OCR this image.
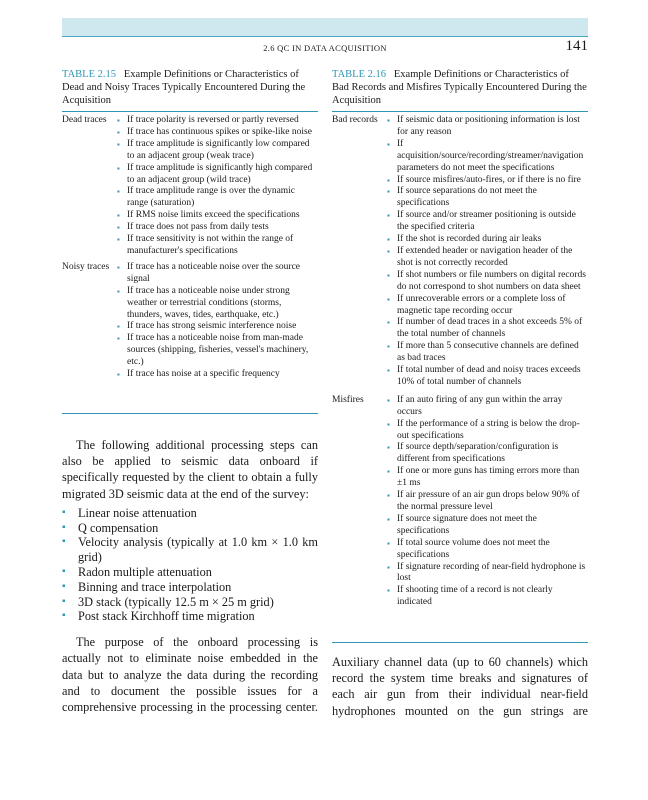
2.6 QC IN DATA ACQUISITION	141
TABLE 2.15 Example Definitions or Characteristics of Dead and Noisy Traces Typically Encountered During the Acquisition
Dead traces	▪ If trace polarity is reversed or partly reversed
▪ If trace has continuous spikes or spike-like noise
▪ If trace amplitude is significantly low compared to an adjacent group (weak trace)
▪ If trace amplitude is significantly high compared to an adjacent group (wild trace)
▪ If trace amplitude range is over the dynamic range (saturation)
▪ If RMS noise limits exceed the specifications
▪ If trace does not pass from daily tests
▪ If trace sensitivity is not within the range of manufacturer's specifications
Noisy traces	▪ If trace has a noticeable noise over the source signal
▪ If trace has a noticeable noise under strong weather or terrestrial conditions (storms, thunders, waves, tides, earthquake, etc.)
▪ If trace has strong seismic interference noise
▪ If trace has a noticeable noise from man-made sources (shipping, fisheries, vessel's machinery, etc.)
▪ If trace has noise at a specific frequency

The following additional processing steps can also be applied to seismic data onboard if specifically requested by the client to obtain a fully migrated 3D seismic data at the end of the survey:

▪ Linear noise attenuation
▪ Q compensation
▪ Velocity analysis (typically at 1.0 km × 1.0 km grid)
▪ Radon multiple attenuation
▪ Binning and trace interpolation
▪ 3D stack (typically 12.5 m × 25 m grid)
▪ Post stack Kirchhoff time migration

The purpose of the onboard processing is actually not to eliminate noise embedded in the data but to analyze the data during the recording and to document the possible issues for a comprehensive processing in the processing center.

TABLE 2.16 Example Definitions or Characteristics of Bad Records and Misfires Typically Encountered During the Acquisition
Bad records	▪ If seismic data or positioning information is lost for any reason
▪ If acquisition/source/recording/streamer/navigation parameters do not meet the specifications
▪ If source misfires/auto-fires, or if there is no fire
▪ If source separations do not meet the specifications
▪ If source and/or streamer positioning is outside the specified criteria
▪ If the shot is recorded during air leaks
▪ If extended header or navigation header of the shot is not correctly recorded
▪ If shot numbers or file numbers on digital records do not correspond to shot numbers on data sheet
▪ If unrecoverable errors or a complete loss of magnetic tape recording occur
▪ If number of dead traces in a shot exceeds 5% of the total number of channels
▪ If more than 5 consecutive channels are defined as bad traces
▪ If total number of dead and noisy traces exceeds 10% of total number of channels
Misfires	▪ If an auto firing of any gun within the array occurs
▪ If the performance of a string is below the drop-out specifications
▪ If source depth/separation/configuration is different from specifications
▪ If one or more guns has timing errors more than ±1 ms
▪ If air pressure of an air gun drops below 90% of the normal pressure level
▪ If source signature does not meet the specifications
▪ If total source volume does not meet the specifications
▪ If signature recording of near-field hydrophone is lost
▪ If shooting time of a record is not clearly indicated

Auxiliary channel data (up to 60 channels) which record the system time breaks and signatures of each air gun from their individual near-field hydrophones mounted on the gun strings are
